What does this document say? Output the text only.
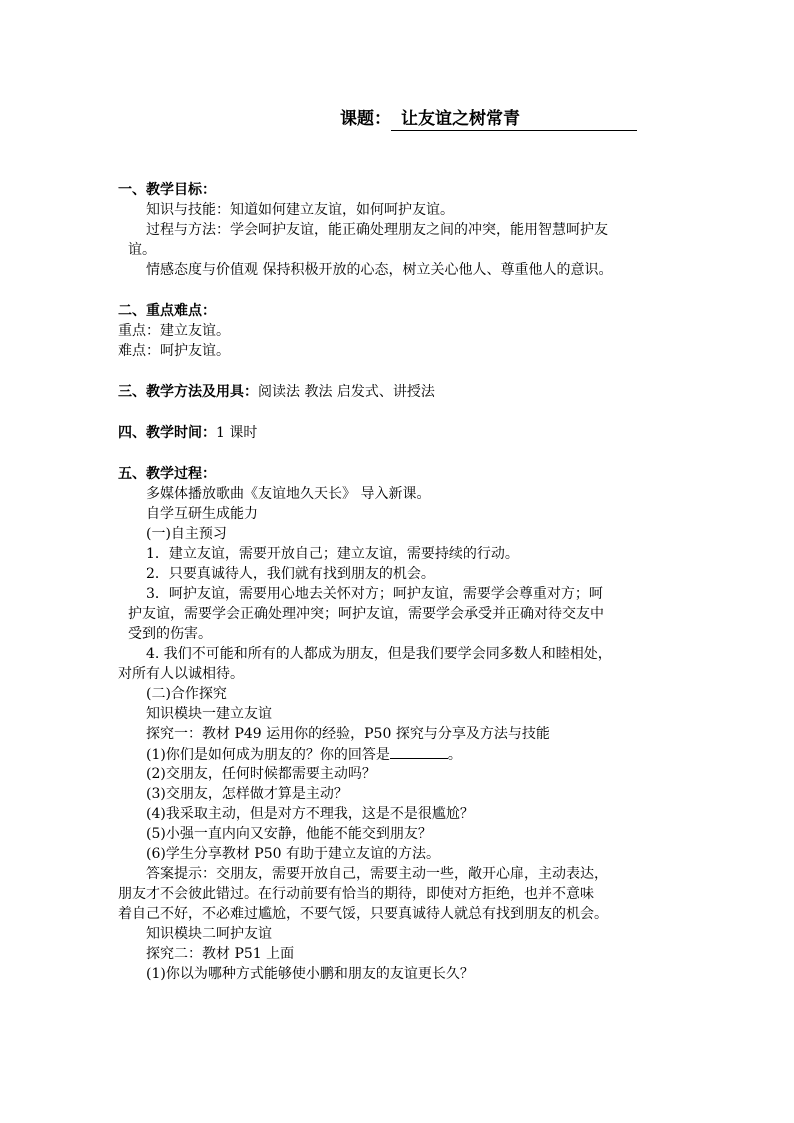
课题： 让友谊之树常青
一、教学目标：
知识与技能：知道如何建立友谊，如何呵护友谊。
过程与方法：学会呵护友谊，能正确处理朋友之间的冲突，能用智慧呵护友
谊。
情感态度与价值观 保持积极开放的心态，树立关心他人、尊重他人的意识。
二、重点难点：
重点：建立友谊。
难点：呵护友谊。
三、教学方法及用具：阅读法 教法 启发式、讲授法
四、教学时间：1 课时
五、教学过程：
多媒体播放歌曲《友谊地久天长》 导入新课。
自学互研生成能力
(一)自主预习
1．建立友谊，需要开放自己；建立友谊，需要持续的行动。
2．只要真诚待人，我们就有找到朋友的机会。
3．呵护友谊，需要用心地去关怀对方；呵护友谊，需要学会尊重对方；呵
护友谊，需要学会正确处理冲突；呵护友谊，需要学会承受并正确对待交友中
受到的伤害。
4. 我们不可能和所有的人都成为朋友，但是我们要学会同多数人和睦相处，
对所有人以诚相待。
(二)合作探究
知识模块一建立友谊
探究一：教材 P49 运用你的经验，P50 探究与分享及方法与技能
(1)你们是如何成为朋友的？你的回答是	。
(2)交朋友，任何时候都需要主动吗？
(3)交朋友，怎样做才算是主动？
(4)我采取主动，但是对方不理我，这是不是很尴尬？
(5)小强一直内向又安静，他能不能交到朋友？
(6)学生分享教材 P50 有助于建立友谊的方法。
答案提示：交朋友，需要开放自己，需要主动一些，敞开心扉，主动表达，
朋友才不会彼此错过。在行动前要有恰当的期待，即使对方拒绝，也并不意味
着自己不好，不必难过尴尬，不要气馁，只要真诚待人就总有找到朋友的机会。
知识模块二呵护友谊
探究二：教材 P51 上面
(1)你以为哪种方式能够使小鹏和朋友的友谊更长久？
